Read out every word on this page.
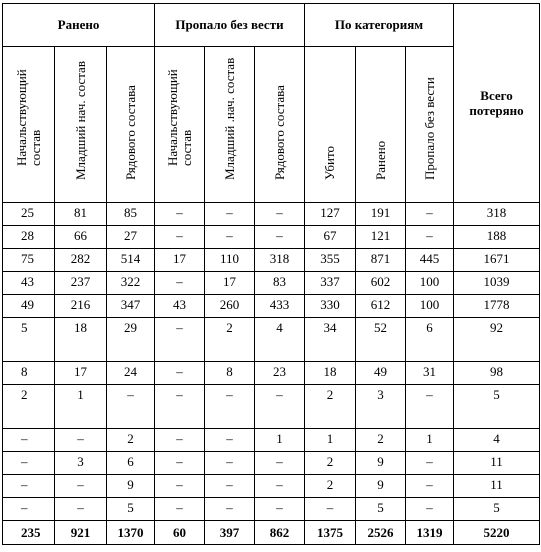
Ранено			Пропало без вести			По категориям			Всего потеряно

Начальствующий состав	Младший нач. состав	Рядового состава	Начальствующий состав	Младший .нач. состав	Рядового состава	Убито	Ранено	Пропало без вести	

25	81	85	–	–	–	127	191	–	318
28	66	27	–	–	–	67	121	–	188
75	282	514	17	110	318	355	871	445	1671
43	237	322	–	17	83	337	602	100	1039
49	216	347	43	260	433	330	612	100	1778
5	18	29	–	2	4	34	52	6	92
8	17	24	–	8	23	18	49	31	98
2	1	–	–	–	–	2	3	–	5
–	–	2	–	–	1	1	2	1	4
–	3	6	–	–	–	2	9	–	11
–	–	9	–	–	–	2	9	–	11
–	–	5	–	–	–	–	5	–	5
235	921	1370	60	397	862	1375	2526	1319	5220
